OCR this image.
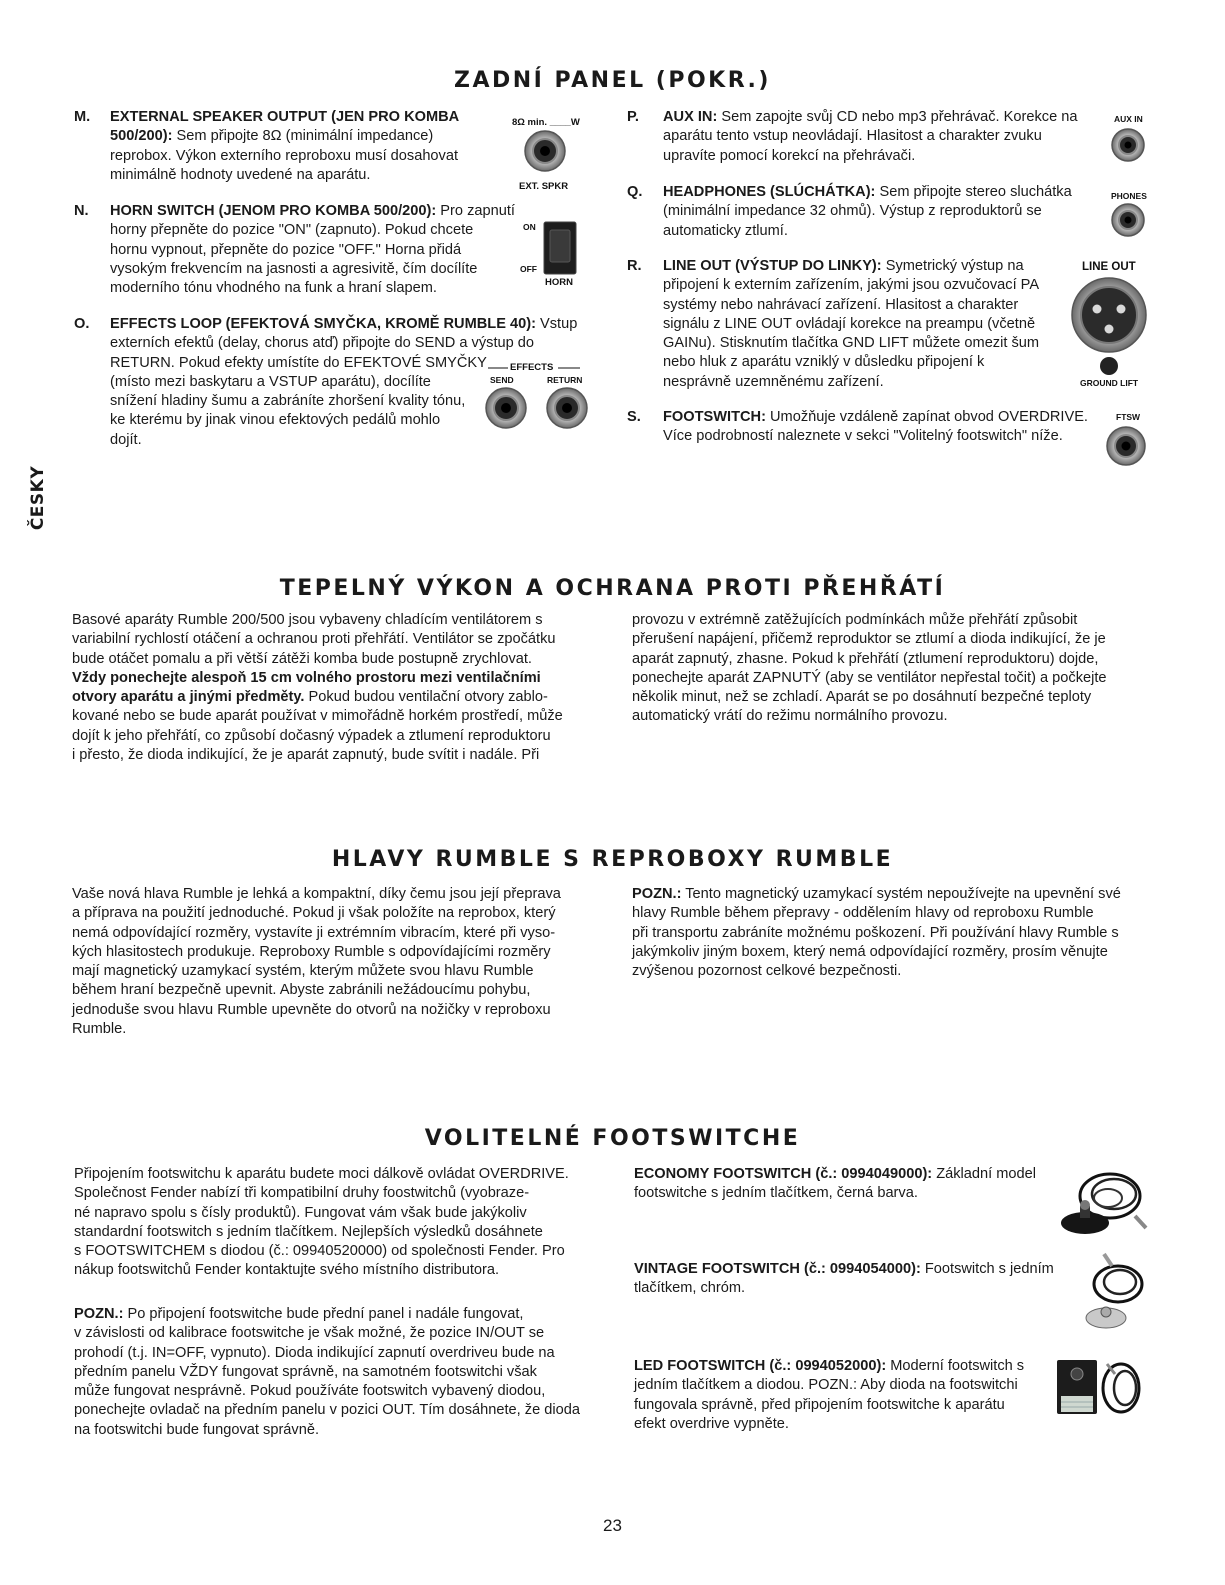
ČESKY
ZADNÍ PANEL (POKR.)
M. EXTERNAL SPEAKER OUTPUT (JEN PRO KOMBA
500/200): Sem připojte 8Ω (minimální impedance)
reprobox. Výkon externího reproboxu musí dosahovat
minimálně hodnoty uvedené na aparátu.
N. HORN SWITCH (JENOM PRO KOMBA 500/200): Pro zapnutí
horny přepněte do pozice "ON" (zapnuto). Pokud chcete
hornu vypnout, přepněte do pozice "OFF." Horna přidá
vysokým frekvencím na jasnosti a agresivitě, čím docílíte
moderního tónu vhodného na funk a hraní slapem.
O. EFFECTS LOOP (EFEKTOVÁ SMYČKA, KROMĚ RUMBLE 40): Vstup
externích efektů (delay, chorus atď) připojte do SEND a výstup do
RETURN. Pokud efekty umístíte do EFEKTOVÉ SMYČKY
(místo mezi baskytaru a VSTUP aparátu), docílíte
snížení hladiny šumu a zabráníte zhoršení kvality tónu,
ke kterému by jinak vinou efektových pedálů mohlo
dojít.
P. AUX IN: Sem zapojte svůj CD nebo mp3 přehrávač. Korekce na
aparátu tento vstup neovládají. Hlasitost a charakter zvuku
upravíte pomocí korekcí na přehrávači.
Q. HEADPHONES (SLÚCHÁTKA): Sem připojte stereo sluchátka
(minimální impedance 32 ohmů). Výstup z reproduktorů se
automaticky ztlumí.
R. LINE OUT (VÝSTUP DO LINKY): Symetrický výstup na
připojení k externím zařízením, jakými jsou ozvučovací PA
systémy nebo nahrávací zařízení. Hlasitost a charakter
signálu z LINE OUT ovládají korekce na preampu (včetně
GAINu). Stisknutím tlačítka GND LIFT můžete omezit šum
nebo hluk z aparátu vzniklý v důsledku připojení k
nesprávně uzemněnému zařízení.
S. FOOTSWITCH: Umožňuje vzdáleně zapínat obvod OVERDRIVE.
Více podrobností naleznete v sekci "Volitelný footswitch" níže.
8Ω min. ____W
EXT. SPKR
ON
OFF
HORN
EFFECTS
SEND	RETURN
AUX IN
PHONES
LINE OUT
GROUND LIFT
FTSW
TEPELNÝ VÝKON A OCHRANA PROTI PŘEHŘÁTÍ
Basové aparáty Rumble 200/500 jsou vybaveny chladícím ventilátorem s
variabilní rychlostí otáčení a ochranou proti přehřátí. Ventilátor se zpočátku
bude otáčet pomalu a při větší zátěži komba bude postupně zrychlovat.
Vždy ponechejte alespoň 15 cm volného prostoru mezi ventilačními
otvory aparátu a jinými předměty. Pokud budou ventilační otvory zablo-
kované nebo se bude aparát používat v mimořádně horkém prostředí, může
dojít k jeho přehřátí, co způsobí dočasný výpadek a ztlumení reproduktoru
i přesto, že dioda indikující, že je aparát zapnutý, bude svítit i nadále. Při
provozu v extrémně zatěžujících podmínkách může přehřátí způsobit
přerušení napájení, přičemž reproduktor se ztlumí a dioda indikující, že je
aparát zapnutý, zhasne. Pokud k přehřátí (ztlumení reproduktoru) dojde,
ponechejte aparát ZAPNUTÝ (aby se ventilátor nepřestal točit) a počkejte
několik minut, než se zchladí. Aparát se po dosáhnutí bezpečné teploty
automatický vrátí do režimu normálního provozu.
HLAVY RUMBLE S REPROBOXY RUMBLE
Vaše nová hlava Rumble je lehká a kompaktní, díky čemu jsou její přeprava
a příprava na použití jednoduché. Pokud ji však položíte na reprobox, který
nemá odpovídající rozměry, vystavíte ji extrémním vibracím, které při vyso-
kých hlasitostech produkuje. Reproboxy Rumble s odpovídajícími rozměry
mají magnetický uzamykací systém, kterým můžete svou hlavu Rumble
během hraní bezpečně upevnit. Abyste zabránili nežádoucímu pohybu,
jednoduše svou hlavu Rumble upevněte do otvorů na nožičky v reproboxu
Rumble.
POZN.: Tento magnetický uzamykací systém nepoužívejte na upevnění své
hlavy Rumble během přepravy - oddělením hlavy od reproboxu Rumble
při transportu zabráníte možnému poškození. Při používání hlavy Rumble s
jakýmkoliv jiným boxem, který nemá odpovídající rozměry, prosím věnujte
zvýšenou pozornost celkové bezpečnosti.
VOLITELNÉ FOOTSWITCHE
Připojením footswitchu k aparátu budete moci dálkově ovládat OVERDRIVE.
Společnost Fender nabízí tři kompatibilní druhy foostwitchů (vyobraze-
né napravo spolu s čísly produktů). Fungovat vám však bude jakýkoliv
standardní footswitch s jedním tlačítkem. Nejlepších výsledků dosáhnete
s FOOTSWITCHEM s diodou (č.: 09940520000) od společnosti Fender. Pro
nákup footswitchů Fender kontaktujte svého místního distributora.
POZN.: Po připojení footswitche bude přední panel i nadále fungovat,
v závislosti od kalibrace footswitche je však možné, že pozice IN/OUT se
prohodí (t.j. IN=OFF, vypnuto). Dioda indikující zapnutí overdriveu bude na
předním panelu VŽDY fungovat správně, na samotném footswitchi však
může fungovat nesprávně. Pokud používáte footswitch vybavený diodou,
ponechejte ovladač na předním panelu v pozici OUT. Tím dosáhnete, že dioda
na footswitchi bude fungovat správně.
ECONOMY FOOTSWITCH (č.: 0994049000): Základní model
footswitche s jedním tlačítkem, černá barva.
VINTAGE FOOTSWITCH (č.: 0994054000): Footswitch s jedním
tlačítkem, chróm.
LED FOOTSWITCH (č.: 0994052000): Moderní footswitch s
jedním tlačítkem a diodou. POZN.: Aby dioda na footswitchi
fungovala správně, před připojením footswitche k aparátu
efekt overdrive vypněte.
23
